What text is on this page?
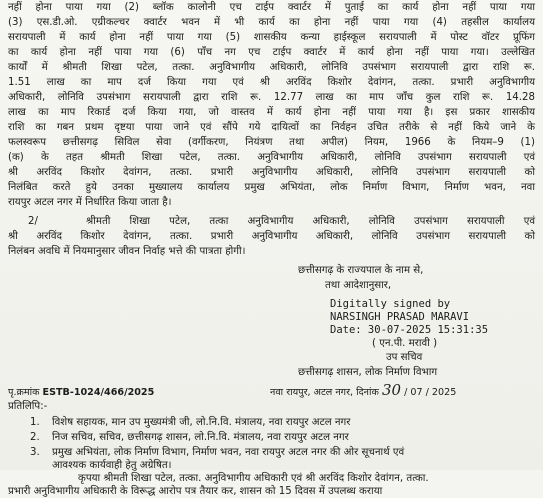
नहीं होना पाया गया (2) ब्लॉक कालोनी एच टाईप क्वार्टर में पुताई का कार्य होना नहीं पाया गया
(3) एस.डी.ओ. एग्रीकल्चर क्वार्टर भवन में भी कार्य का होना नहीं पाया गया (4) तहसील कार्यालय
सरायपाली में कार्य होना नहीं पाया गया (5) शासकीय कन्या हाईस्कूल सरायपाली में पोस्ट वॉटर प्रूफिंग
का कार्य होना नहीं पाया गया (6) पाँच नग एच टाईप क्वार्टर में कार्य होना नहीं पाया गया। उल्लेखित
कार्यों में श्रीमती शिखा पटेल, तत्का. अनुविभागीय अधिकारी, लोनिवि उपसंभाग सरायपाली द्वारा राशि रू.
1.51 लाख का माप दर्ज किया गया एवं श्री अरविंद किशोर देवांगन, तत्का. प्रभारी अनुविभागीय
अधिकारी, लोनिवि उपसंभाग सरायपाली द्वारा राशि रू. 12.77 लाख का माप जाँच कुल राशि रू. 14.28
लाख का माप रिकार्ड दर्ज किया गया, जो वास्तव में कार्य होना नहीं पाया गया है। इस प्रकार शासकीय
राशि का गबन प्रथम दृष्टया पाया जाने एवं सौंपे गये दायित्वों का निर्वहन उचित तरीके से नहीं किये जाने के
फलस्वरूप छत्तीसगढ़ सिविल सेवा (वर्गीकरण, नियंत्रण तथा अपील) नियम, 1966 के नियम–9 (1)
(क) के तहत श्रीमती शिखा पटेल, तत्का. अनुविभागीय अधिकारी, लोनिवि उपसंभाग सरायपाली एवं
श्री अरविंद किशोर देवांगन, तत्का. प्रभारी अनुविभागीय अधिकारी, लोनिवि उपसंभाग सरायपाली को
निलंबित करते हुये उनका मुख्यालय कार्यालय प्रमुख अभियंता, लोक निर्माण विभाग, निर्माण भवन, नवा
रायपुर अटल नगर में निर्धारित किया जाता है।
2/	श्रीमती शिखा पटेल, तत्का अनुविभागीय अधिकारी, लोनिवि उपसंभाग सरायपाली एवं
श्री अरविंद किशोर देवांगन, तत्का. प्रभारी अनुविभागीय अधिकारी, लोनिवि उपसंभाग सरायपाली को
निलंबन अवधि में नियमानुसार जीवन निर्वाह भत्ते की पात्रता होगी।
छत्तीसगढ़ के राज्यपाल के नाम से,
तथा आदेशानुसार,
Digitally signed by
NARSINGH PRASAD MARAVI
Date: 30-07-2025 15:31:35
( एन.पी. मरावी )
उप सचिव
छत्तीसगढ़ शासन, लोक निर्माण विभाग
पृ.क्रमांक ESTB-1024/466/2025	नवा रायपुर, अटल नगर, दिनांक 30 / 07 / 2025
प्रतिलिपि:-
1. विशेष सहायक, मान उप मुख्यमंत्री जी, लो.नि.वि. मंत्रालय, नवा रायपुर अटल नगर
2. निज सचिव, सचिव, छत्तीसगढ़ शासन, लो.नि.वि. मंत्रालय, नवा रायपुर अटल नगर
3. प्रमुख अभियंता, लोक निर्माण विभाग, निर्माण भवन, नवा रायपुर अटल नगर की ओर सूचनार्थ एवं
आवश्यक कार्यवाही हेतु अग्रेषित।
कृपया श्रीमती शिखा पटेल, तत्का. अनुविभागीय अधिकारी एवं श्री अरविंद किशोर देवांगन, तत्का.
प्रभारी अनुविभागीय अधिकारी के विरूद्ध आरोप पत्र तैयार कर, शासन को 15 दिवस में उपलब्ध कराया
